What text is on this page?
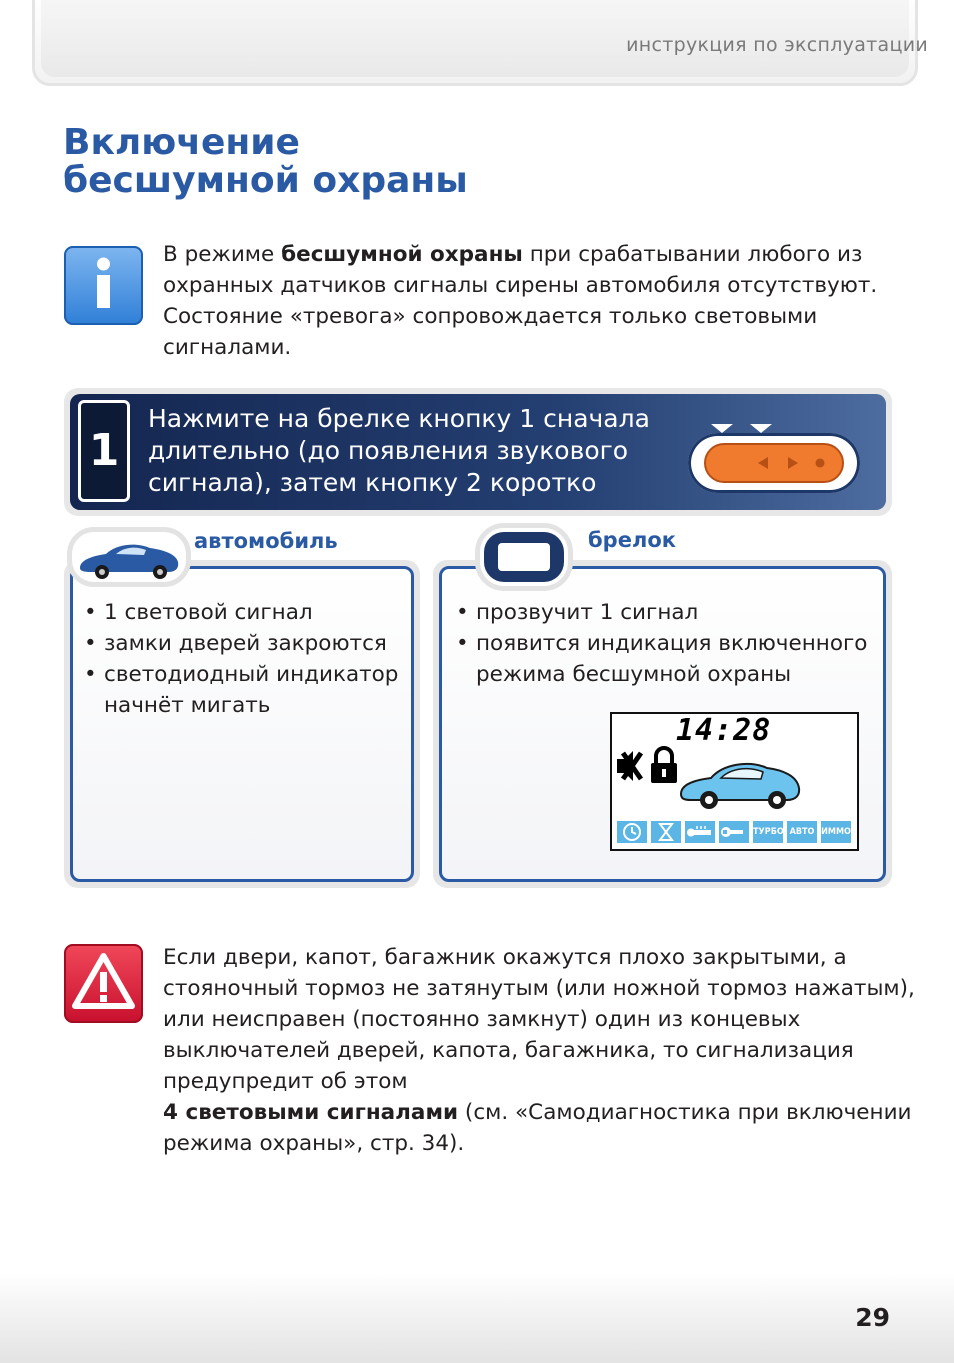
инструкция по эксплуатации
Включение
бесшумной охраны
В режиме бесшумной охраны при срабатывании любого из охранных датчиков сигналы сирены автомобиля отсутствуют. Состояние «тревога» сопровождается только световыми сигналами.
1
Нажмите на брелке кнопку 1 сначала длительно (до появления звукового сигнала), затем кнопку 2 коротко
автомобиль
• 1 световой сигнал
• замки дверей закроются
• светодиодный индикатор начнёт мигать
брелок
• прозвучит 1 сигнал
• появится индикация включенного режима бесшумной охраны
14:28
ТУРБО АВТО ИММО
Если двери, капот, багажник окажутся плохо закрытыми, а стояночный тормоз не затянутым (или ножной тормоз нажатым), или неисправен (постоянно замкнут) один из концевых выключателей дверей, капота, багажника, то сигнализация предупредит об этом
4 световыми сигналами (см. «Самодиагностика при включении режима охраны», стр. 34).
29
